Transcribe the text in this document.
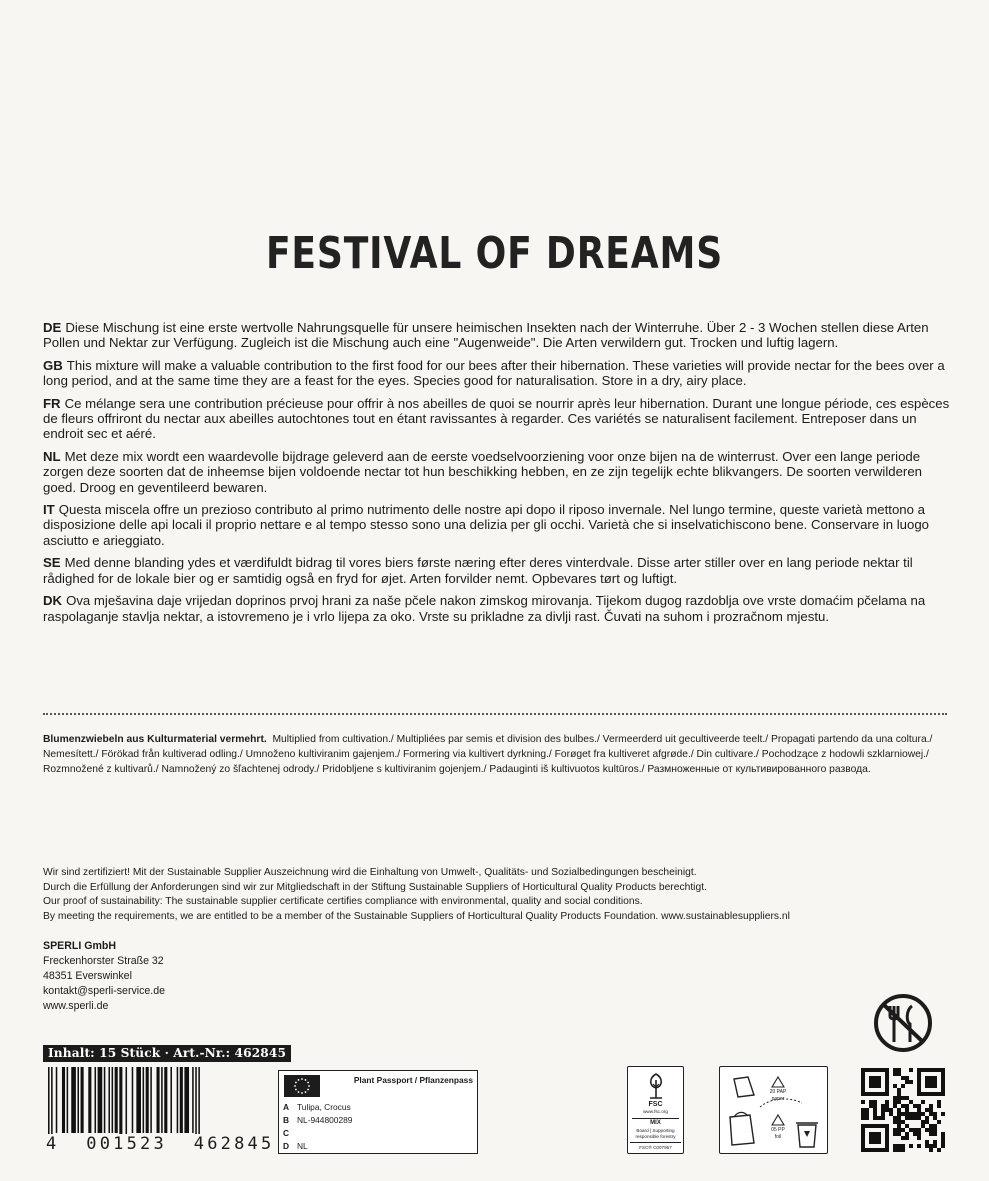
FESTIVAL OF DREAMS
DE Diese Mischung ist eine erste wertvolle Nahrungsquelle für unsere heimischen Insekten nach der Winterruhe. Über 2 - 3 Wochen stellen diese Arten Pollen und Nektar zur Verfügung. Zugleich ist die Mischung auch eine "Augenweide". Die Arten verwildern gut. Trocken und luftig lagern.
GB This mixture will make a valuable contribution to the first food for our bees after their hibernation. These varieties will provide nectar for the bees over a long period, and at the same time they are a feast for the eyes. Species good for naturalisation. Store in a dry, airy place.
FR Ce mélange sera une contribution précieuse pour offrir à nos abeilles de quoi se nourrir après leur hibernation. Durant une longue période, ces espèces de fleurs offriront du nectar aux abeilles autochtones tout en étant ravissantes à regarder. Ces variétés se naturalisent facilement. Entreposer dans un endroit sec et aéré.
NL Met deze mix wordt een waardevolle bijdrage geleverd aan de eerste voedselvoorziening voor onze bijen na de winterrust. Over een lange periode zorgen deze soorten dat de inheemse bijen voldoende nectar tot hun beschikking hebben, en ze zijn tegelijk echte blikvangers. De soorten verwilderen goed. Droog en geventileerd bewaren.
IT Questa miscela offre un prezioso contributo al primo nutrimento delle nostre api dopo il riposo invernale. Nel lungo termine, queste varietà mettono a disposizione delle api locali il proprio nettare e al tempo stesso sono una delizia per gli occhi. Varietà che si inselvatichiscono bene. Conservare in luogo asciutto e arieggiato.
SE Med denne blanding ydes et værdifuldt bidrag til vores biers første næring efter deres vinterdvale. Disse arter stiller over en lang periode nektar til rådighed for de lokale bier og er samtidig også en fryd for øjet. Arten forvilder nemt. Opbevares tørt og luftigt.
DK Ova mješavina daje vrijedan doprinos prvoj hrani za naše pčele nakon zimskog mirovanja. Tijekom dugog razdoblja ove vrste domaćim pčelama na raspolaganje stavlja nektar, a istovremeno je i vrlo lijepa za oko. Vrste su prikladne za divlji rast. Čuvati na suhom i prozračnom mjestu.
Blumenzwiebeln aus Kulturmaterial vermehrt. Multiplied from cultivation./ Multipliées par semis et division des bulbes./ Vermeerderd uit gecultiveerde teelt./ Propagati partendo da una coltura./ Nemesített./ Förökad från kultiverad odling./ Umnoženo kultiviranim gajenjem./ Formering via kultivert dyrkning./ Forøget fra kultiveret afgrøde./ Din cultivare./ Pochodzące z hodowli szklarniowej./ Rozmnožené z kultivarů./ Namnožený zo šľachtenej odrody./ Pridobljene s kultiviranim gojenjem./ Padauginti iš kultivuotos kultūros./ Размноженные от культивированного развода.
Wir sind zertifiziert! Mit der Sustainable Supplier Auszeichnung wird die Einhaltung von Umwelt-, Qualitäts- und Sozialbedingungen bescheinigt.
Durch die Erfüllung der Anforderungen sind wir zur Mitgliedschaft in der Stiftung Sustainable Suppliers of Horticultural Quality Products berechtigt.
Our proof of sustainability: The sustainable supplier certificate certifies compliance with environmental, quality and social conditions.
By meeting the requirements, we are entitled to be a member of the Sustainable Suppliers of Horticultural Quality Products Foundation. www.sustainablesuppliers.nl
SPERLI GmbH
Freckenhorster Straße 32
48351 Everswinkel
kontakt@sperli-service.de
www.sperli.de
Inhalt: 15 Stück · Art.-Nr.: 462845
4  001523  462845
Plant Passport / Pflanzenpass
A Tulipa, Crocus
B NL-944800289
C
D NL
FSC
www.fsc.org
MIX
Board | Supporting responsible forestry
FSC® C007957
20 PAP
paper
05 PP
foil
